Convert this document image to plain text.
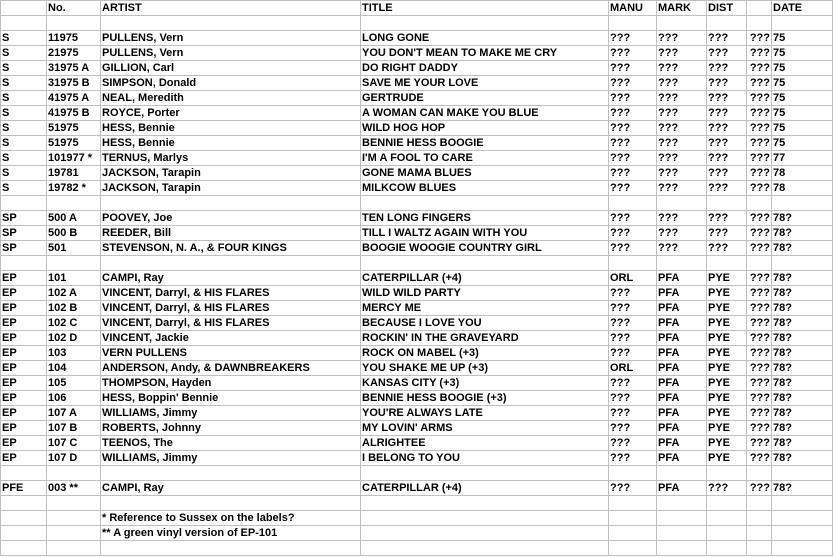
	No.	ARTIST	TITLE	MANU	MARK	DIST		DATE

S	11975	PULLENS, Vern	LONG GONE	???	???	???	???	75
S	21975	PULLENS, Vern	YOU DON'T MEAN TO MAKE ME CRY	???	???	???	???	75
S	31975 A	GILLION, Carl	DO RIGHT DADDY	???	???	???	???	75
S	31975 B	SIMPSON, Donald	SAVE ME YOUR LOVE	???	???	???	???	75
S	41975 A	NEAL, Meredith	GERTRUDE	???	???	???	???	75
S	41975 B	ROYCE, Porter	A WOMAN CAN MAKE YOU BLUE	???	???	???	???	75
S	51975	HESS, Bennie	WILD HOG HOP	???	???	???	???	75
S	51975	HESS, Bennie	BENNIE HESS BOOGIE	???	???	???	???	75
S	101977 *	TERNUS, Marlys	I'M A FOOL TO CARE	???	???	???	???	77
S	19781	JACKSON, Tarapin	GONE MAMA BLUES	???	???	???	???	78
S	19782 *	JACKSON, Tarapin	MILKCOW BLUES	???	???	???	???	78

SP	500 A	POOVEY, Joe	TEN LONG FINGERS	???	???	???	???	78?
SP	500 B	REEDER, Bill	TILL I WALTZ AGAIN WITH YOU	???	???	???	???	78?
SP	501	STEVENSON, N. A., & FOUR KINGS	BOOGIE WOOGIE COUNTRY GIRL	???	???	???	???	78?

EP	101	CAMPI, Ray	CATERPILLAR (+4)	ORL	PFA	PYE	???	78?
EP	102 A	VINCENT, Darryl, & HIS FLARES	WILD WILD PARTY	???	PFA	PYE	???	78?
EP	102 B	VINCENT, Darryl, & HIS FLARES	MERCY ME	???	PFA	PYE	???	78?
EP	102 C	VINCENT, Darryl, & HIS FLARES	BECAUSE I LOVE YOU	???	PFA	PYE	???	78?
EP	102 D	VINCENT, Jackie	ROCKIN' IN THE GRAVEYARD	???	PFA	PYE	???	78?
EP	103	VERN PULLENS	ROCK ON MABEL (+3)	???	PFA	PYE	???	78?
EP	104	ANDERSON, Andy, & DAWNBREAKERS	YOU SHAKE ME UP (+3)	ORL	PFA	PYE	???	78?
EP	105	THOMPSON, Hayden	KANSAS CITY (+3)	???	PFA	PYE	???	78?
EP	106	HESS, Boppin' Bennie	BENNIE HESS BOOGIE (+3)	???	PFA	PYE	???	78?
EP	107 A	WILLIAMS, Jimmy	YOU'RE ALWAYS LATE	???	PFA	PYE	???	78?
EP	107 B	ROBERTS, Johnny	MY LOVIN' ARMS	???	PFA	PYE	???	78?
EP	107 C	TEENOS, The	ALRIGHTEE	???	PFA	PYE	???	78?
EP	107 D	WILLIAMS, Jimmy	I BELONG TO YOU	???	PFA	PYE	???	78?

PFE	003 **	CAMPI, Ray	CATERPILLAR (+4)	???	PFA	???	???	78?

		* Reference to Sussex on the labels?						
		** A green vinyl version of EP-101						
